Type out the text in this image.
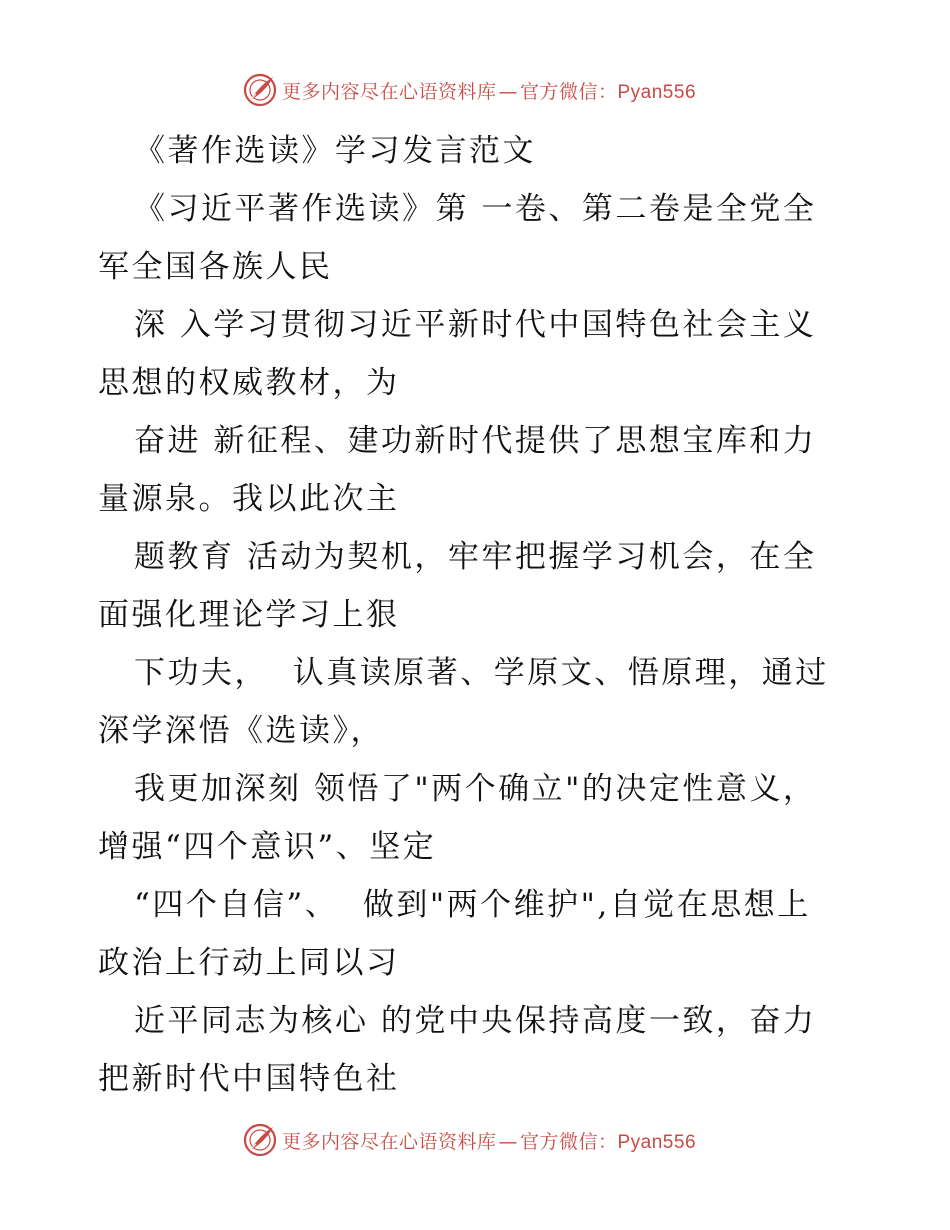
更多内容尽在心语资料库 — 官方微信：Pyan556
《著作选读》学习发言范文
《习近平著作选读》第 一卷、第二卷是全党全
军全国各族人民
深 入学习贯彻习近平新时代中国特色社会主义
思想的权威教材，为
奋进 新征程、建功新时代提供了思想宝库和力
量源泉。我以此次主
题教育 活动为契机，牢牢把握学习机会，在全
面强化理论学习上狠
下功夫，  认真读原著、学原文、悟原理，通过
深学深悟《选读》，
我更加深刻 领悟了"两个确立"的决定性意义，
增强“四个意识”、坚定
“四个自信”、  做到"两个维护",自觉在思想上
政治上行动上同以习
近平同志为核心 的党中央保持高度一致，奋力
把新时代中国特色社
更多内容尽在心语资料库 — 官方微信：Pyan556
